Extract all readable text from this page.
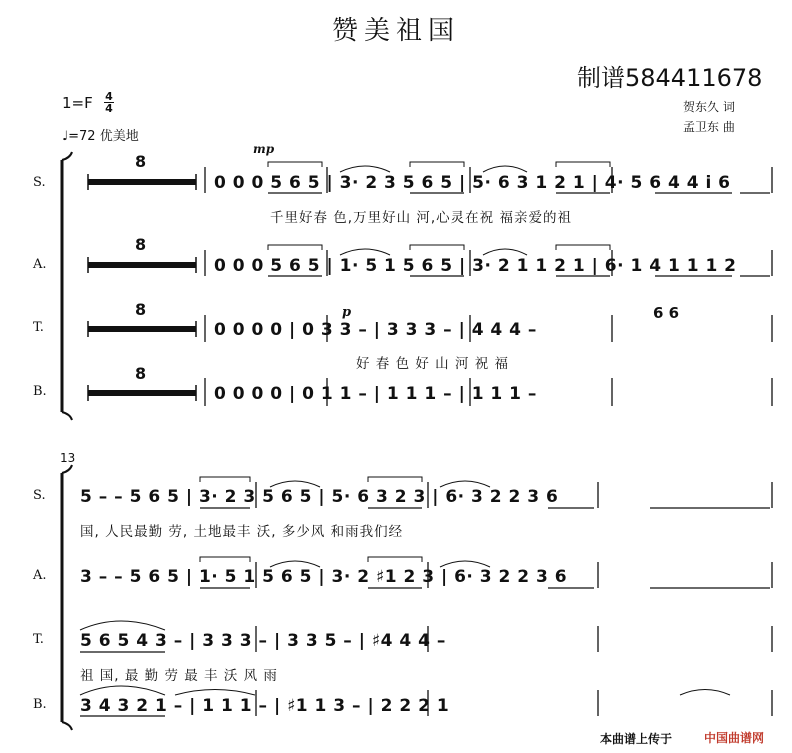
赞美祖国
制谱584411678
1=F 4
4
♩=72 优美地
贺东久 词
孟卫东 曲
S.
A.
T.
B.
S.
A.
T.
B.
13
mp
p
8
8
8
8
0 0 0 5 6 5 | 3· 2 3 5 6 5 | 5· 6 3 1 2 1 | 4· 5 6 4 4 i 6
千里好春 色,万里好山 河,心灵在祝 福亲爱的祖
0 0 0 5 6 5 | 1· 5 1 5 6 5 | 3· 2 1 1 2 1 | 6· 1 4 1 1 1 2
6 6
0 0 0 0 | 0 3 3 – | 3 3 3 – | 4 4 4 –
好 春 色 好 山 河 祝 福
0 0 0 0 | 0 1 1 – | 1 1 1 – | 1 1 1 –
5 – – 5 6 5 | 3· 2 3 5 6 5 | 5· 6 3 2 3 | 6· 3 2 2 3 6
国, 人民最勤 劳, 土地最丰 沃, 多少风 和雨我们经
3 – – 5 6 5 | 1· 5 1 5 6 5 | 3· 2 ♯1 2 3 | 6· 3 2 2 3 6
5 6 5 4 3 – | 3 3 3 – | 3 3 5 – | ♯4 4 4 –
祖 国, 最 勤 劳 最 丰 沃 风 雨
3 4 3 2 1 – | 1 1 1 – | ♯1 1 3 – | 2 2 2 1
本曲谱上传于	中国曲谱网
